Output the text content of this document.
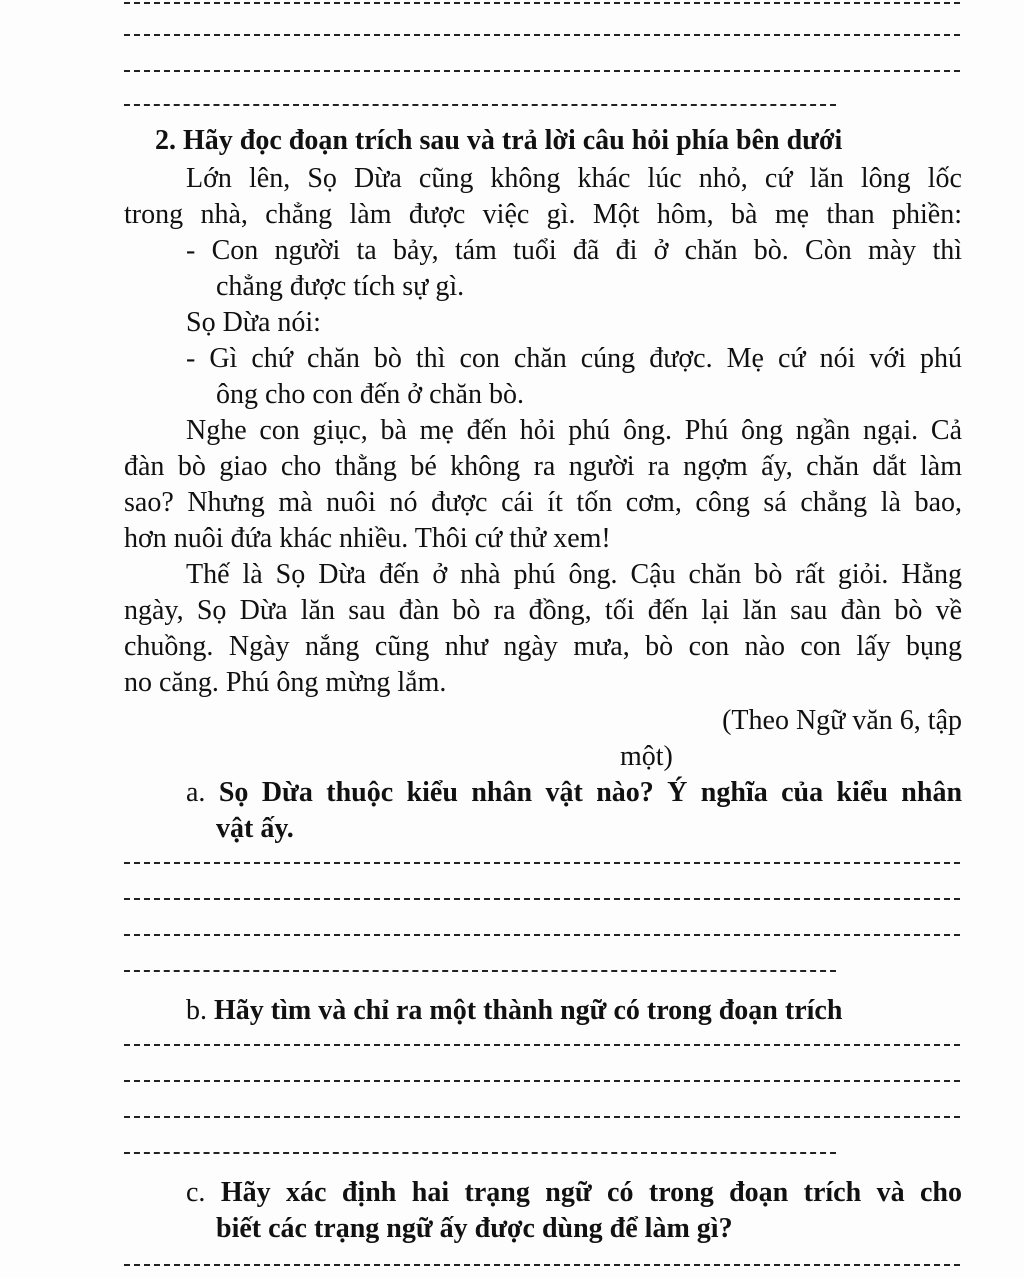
2. Hãy đọc đoạn trích sau và trả lời câu hỏi phía bên dưới
Lớn lên, Sọ Dừa cũng không khác lúc nhỏ, cứ lăn lông lốc
trong nhà, chẳng làm được việc gì. Một hôm, bà mẹ than phiền:
- Con người ta bảy, tám tuổi đã đi ở chăn bò. Còn mày thì
chẳng được tích sự gì.
Sọ Dừa nói:
- Gì chứ chăn bò thì con chăn cúng được. Mẹ cứ nói với phú
ông cho con đến ở chăn bò.
Nghe con giục, bà mẹ đến hỏi phú ông. Phú ông ngần ngại. Cả
đàn bò giao cho thằng bé không ra người ra ngợm ấy, chăn dắt làm
sao? Nhưng mà nuôi nó được cái ít tốn cơm, công sá chẳng là bao,
hơn nuôi đứa khác nhiều. Thôi cứ thử xem!
Thế là Sọ Dừa đến ở nhà phú ông. Cậu chăn bò rất giỏi. Hằng
ngày, Sọ Dừa lăn sau đàn bò ra đồng, tối đến lại lăn sau đàn bò về
chuồng. Ngày nắng cũng như ngày mưa, bò con nào con lấy bụng
no căng. Phú ông mừng lắm.
(Theo Ngữ văn 6, tập
một)
a. Sọ Dừa thuộc kiểu nhân vật nào? Ý nghĩa của kiểu nhân
vật ấy.
b. Hãy tìm và chỉ ra một thành ngữ có trong đoạn trích
c. Hãy xác định hai trạng ngữ có trong đoạn trích và cho
biết các trạng ngữ ấy được dùng để làm gì?
